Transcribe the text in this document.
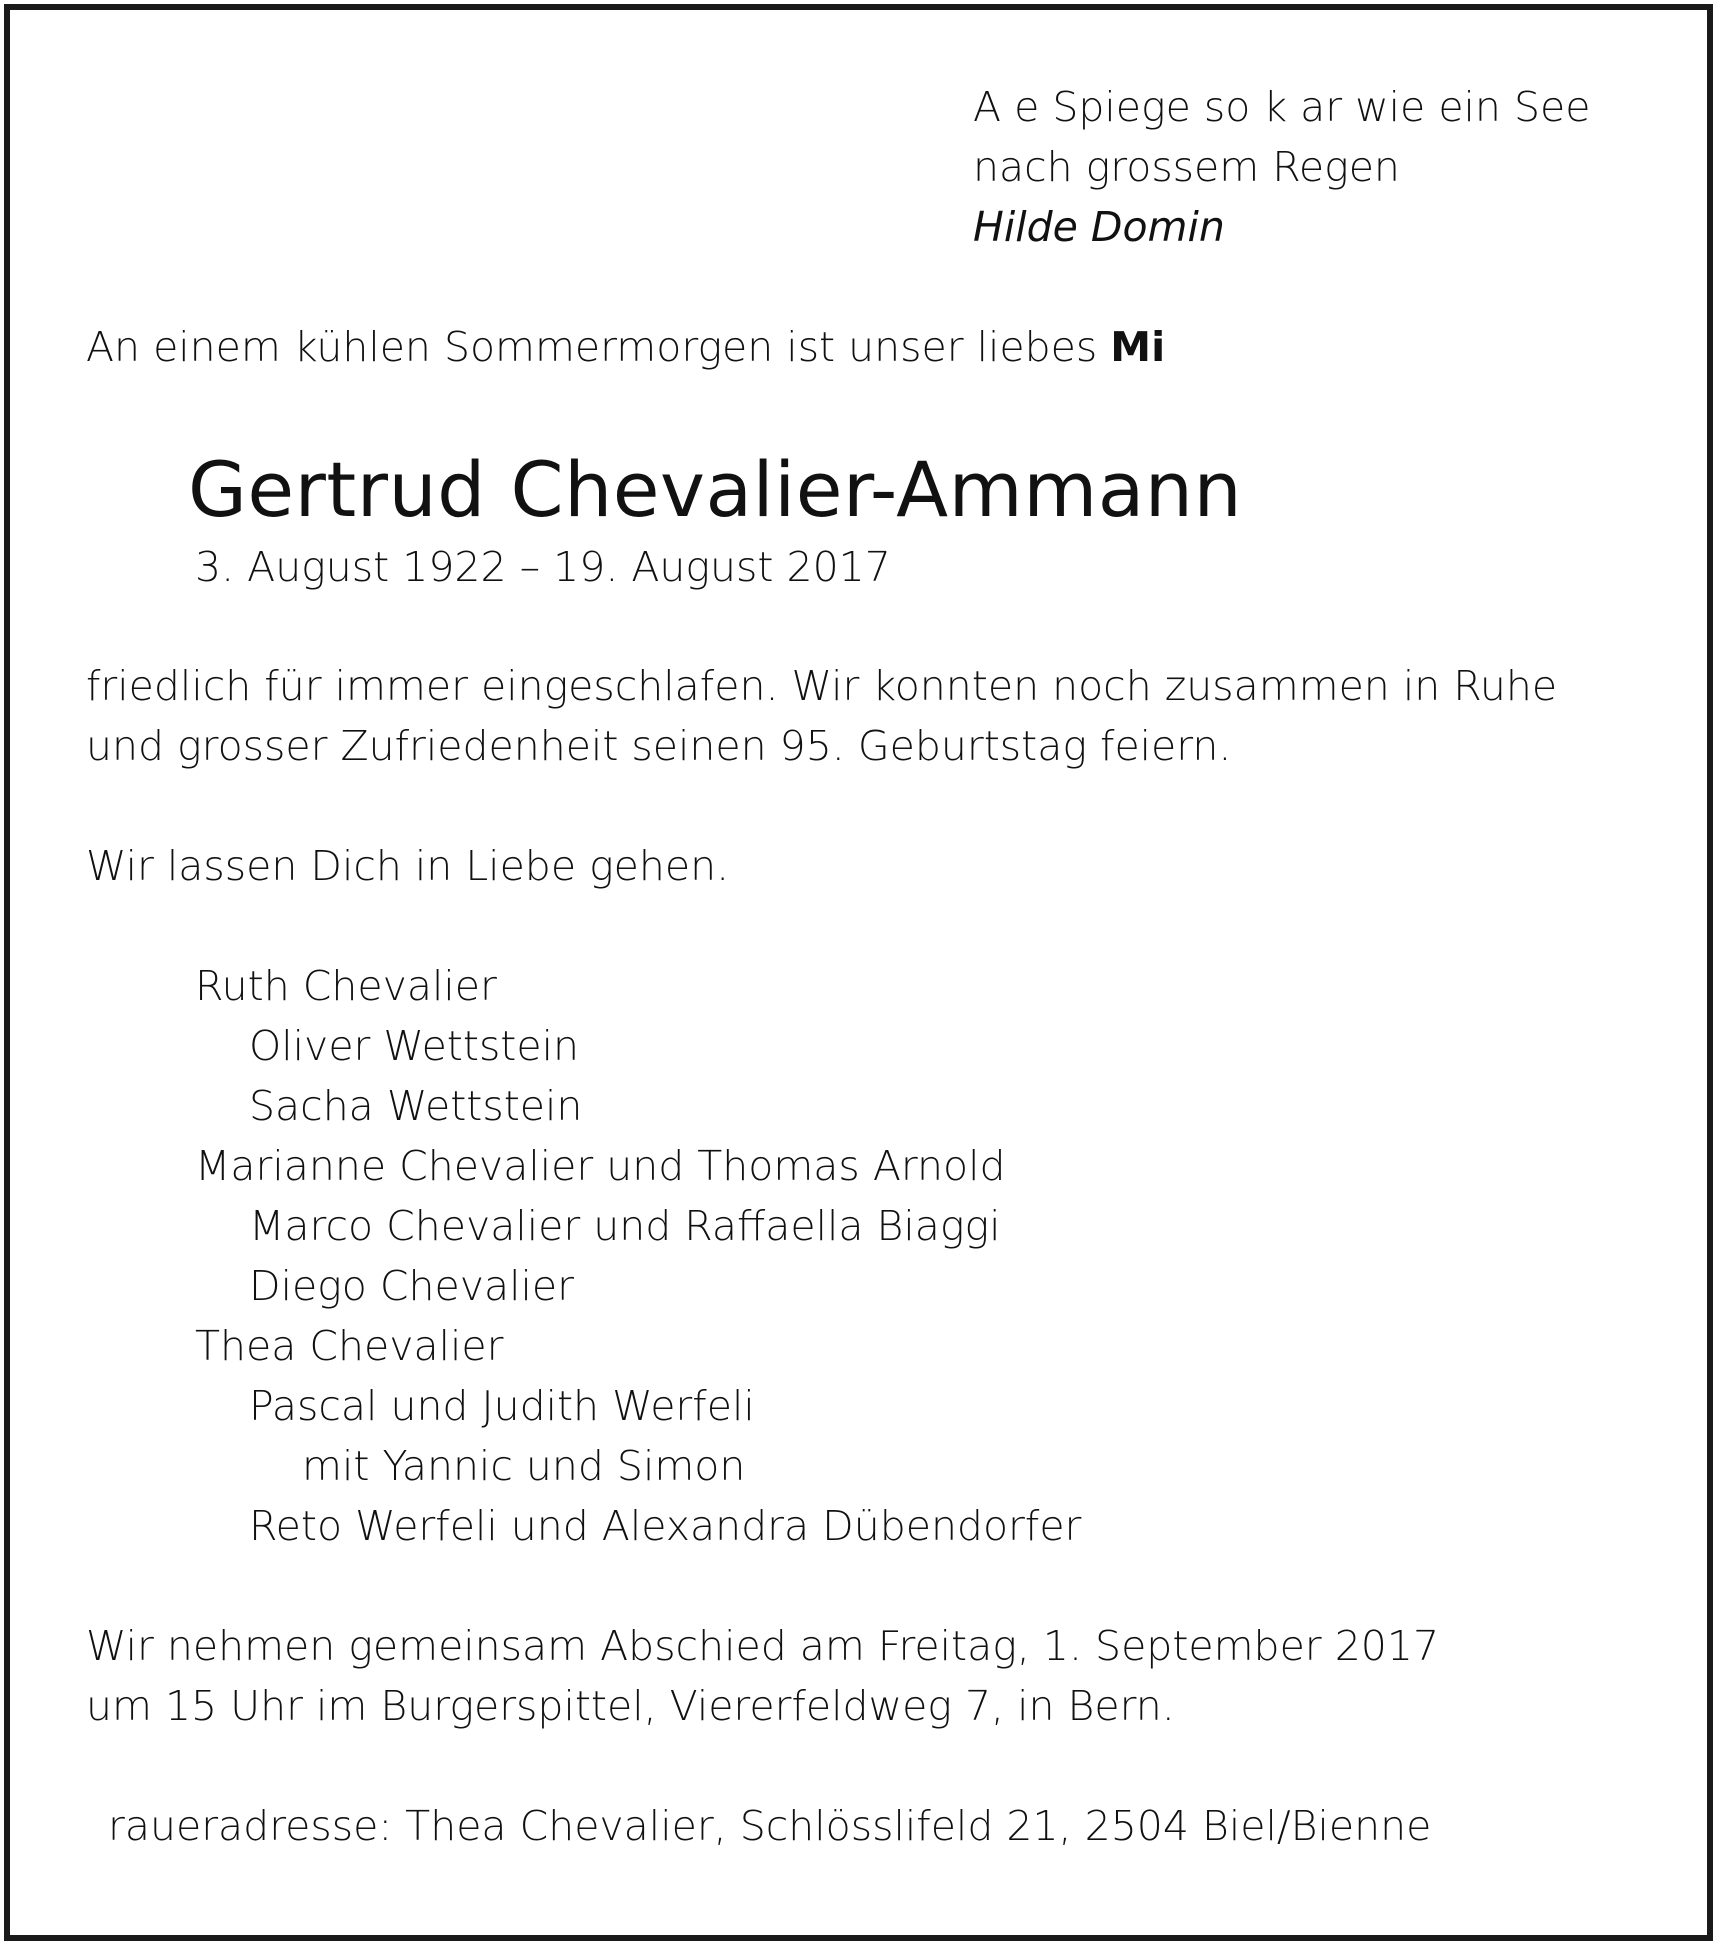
A e Spiege so k ar wie ein See
nach grossem Regen
Hilde Domin
An einem kühlen Sommermorgen ist unser liebes Mi
Gertrud Chevalier-Ammann
3. August 1922 – 19. August 2017
friedlich für immer eingeschlafen. Wir konnten noch zusammen in Ruhe
und grosser Zufriedenheit seinen 95. Geburtstag feiern.
Wir lassen Dich in Liebe gehen.
Ruth Chevalier
Oliver Wettstein
Sacha Wettstein
Marianne Chevalier und Thomas Arnold
Marco Chevalier und Raffaella Biaggi
Diego Chevalier
Thea Chevalier
Pascal und Judith Werfeli
mit Yannic und Simon
Reto Werfeli und Alexandra Dübendorfer
Wir nehmen gemeinsam Abschied am Freitag, 1. September 2017
um 15 Uhr im Burgerspittel, Viererfeldweg 7, in Bern.
raueradresse: Thea Chevalier, Schlösslifeld 21, 2504 Biel/Bienne
